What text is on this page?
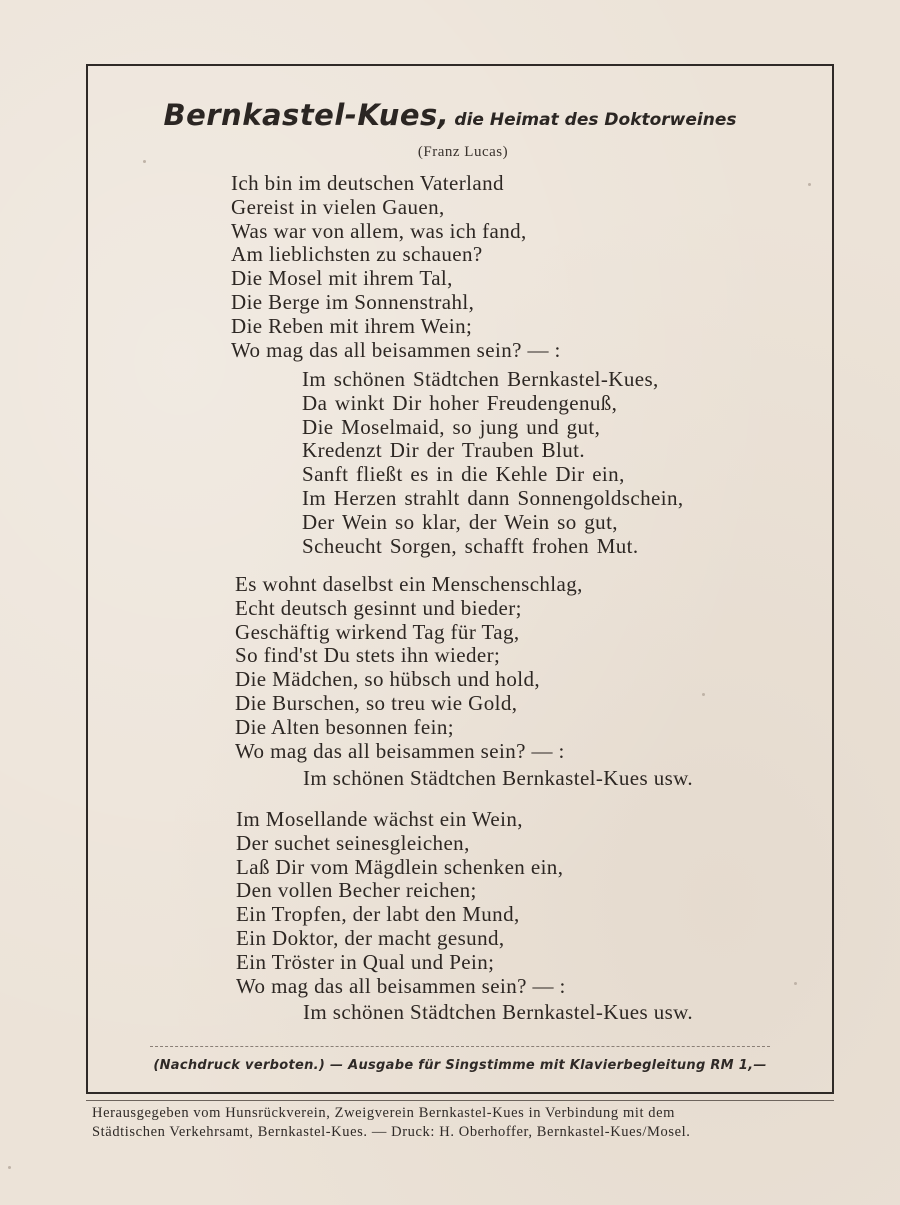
Bernkastel-Kues, die Heimat des Doktorweines
(Franz Lucas)
Ich bin im deutschen Vaterland
Gereist in vielen Gauen,
Was war von allem, was ich fand,
Am lieblichsten zu schauen?
Die Mosel mit ihrem Tal,
Die Berge im Sonnenstrahl,
Die Reben mit ihrem Wein;
Wo mag das all beisammen sein? — :
Im schönen Städtchen Bernkastel-Kues,
Da winkt Dir hoher Freudengenuß,
Die Moselmaid, so jung und gut,
Kredenzt Dir der Trauben Blut.
Sanft fließt es in die Kehle Dir ein,
Im Herzen strahlt dann Sonnengoldschein,
Der Wein so klar, der Wein so gut,
Scheucht Sorgen, schafft frohen Mut.
Es wohnt daselbst ein Menschenschlag,
Echt deutsch gesinnt und bieder;
Geschäftig wirkend Tag für Tag,
So find'st Du stets ihn wieder;
Die Mädchen, so hübsch und hold,
Die Burschen, so treu wie Gold,
Die Alten besonnen fein;
Wo mag das all beisammen sein? — :
Im schönen Städtchen Bernkastel-Kues usw.
Im Mosellande wächst ein Wein,
Der suchet seinesgleichen,
Laß Dir vom Mägdlein schenken ein,
Den vollen Becher reichen;
Ein Tropfen, der labt den Mund,
Ein Doktor, der macht gesund,
Ein Tröster in Qual und Pein;
Wo mag das all beisammen sein? — :
Im schönen Städtchen Bernkastel-Kues usw.
(Nachdruck verboten.) — Ausgabe für Singstimme mit Klavierbegleitung RM 1,—
Herausgegeben vom Hunsrückverein, Zweigverein Bernkastel-Kues in Verbindung mit dem
Städtischen Verkehrsamt, Bernkastel-Kues. — Druck: H. Oberhoffer, Bernkastel-Kues/Mosel.
